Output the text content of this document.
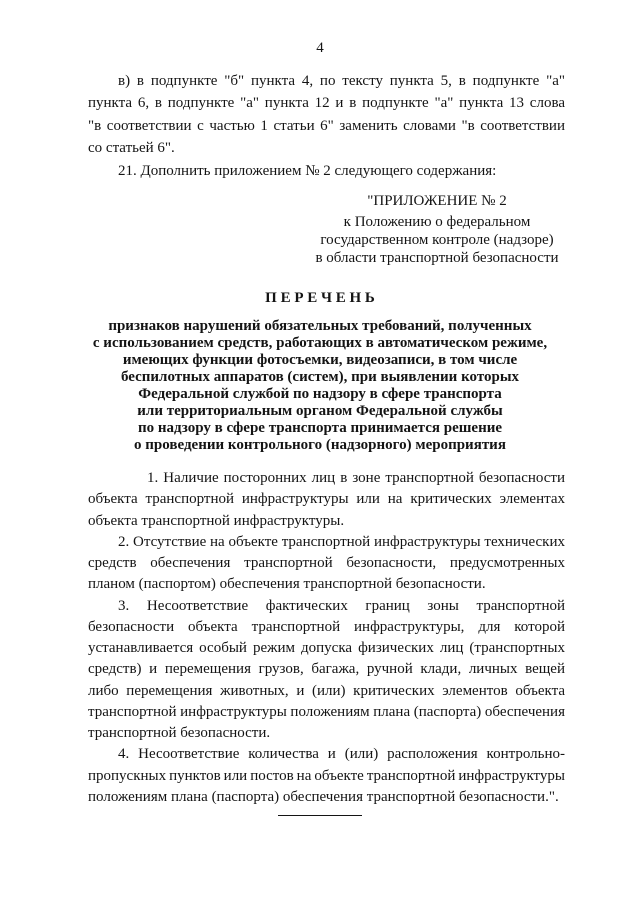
4
в) в подпункте "б" пункта 4, по тексту пункта 5, в подпункте "а"
пункта 6, в подпункте "а" пункта 12 и в подпункте "а" пункта 13 слова
"в соответствии с частью 1 статьи 6" заменить словами "в соответствии
со статьей 6".
21. Дополнить приложением № 2 следующего содержания:
"ПРИЛОЖЕНИЕ № 2
к Положению о федеральном
государственном контроле (надзоре)
в области транспортной безопасности
П Е Р Е Ч Е Н Ь
признаков нарушений обязательных требований, полученных
с использованием средств, работающих в автоматическом режиме,
имеющих функции фотосъемки, видеозаписи, в том числе
беспилотных аппаратов (систем), при выявлении которых
Федеральной службой по надзору в сфере транспорта
или территориальным органом Федеральной службы
по надзору в сфере транспорта принимается решение
о проведении контрольного (надзорного) мероприятия
1. Наличие посторонних лиц в зоне транспортной безопасности
объекта транспортной инфраструктуры или на критических элементах
объекта транспортной инфраструктуры.
2. Отсутствие на объекте транспортной инфраструктуры технических
средств обеспечения транспортной безопасности, предусмотренных
планом (паспортом) обеспечения транспортной безопасности.
3. Несоответствие фактических границ зоны транспортной
безопасности объекта транспортной инфраструктуры, для которой
устанавливается особый режим допуска физических лиц (транспортных
средств) и перемещения грузов, багажа, ручной клади, личных вещей
либо перемещения животных, и (или) критических элементов объекта
транспортной инфраструктуры положениям плана (паспорта) обеспечения
транспортной безопасности.
4. Несоответствие количества и (или) расположения контрольно-
пропускных пунктов или постов на объекте транспортной инфраструктуры
положениям плана (паспорта) обеспечения транспортной безопасности.".
